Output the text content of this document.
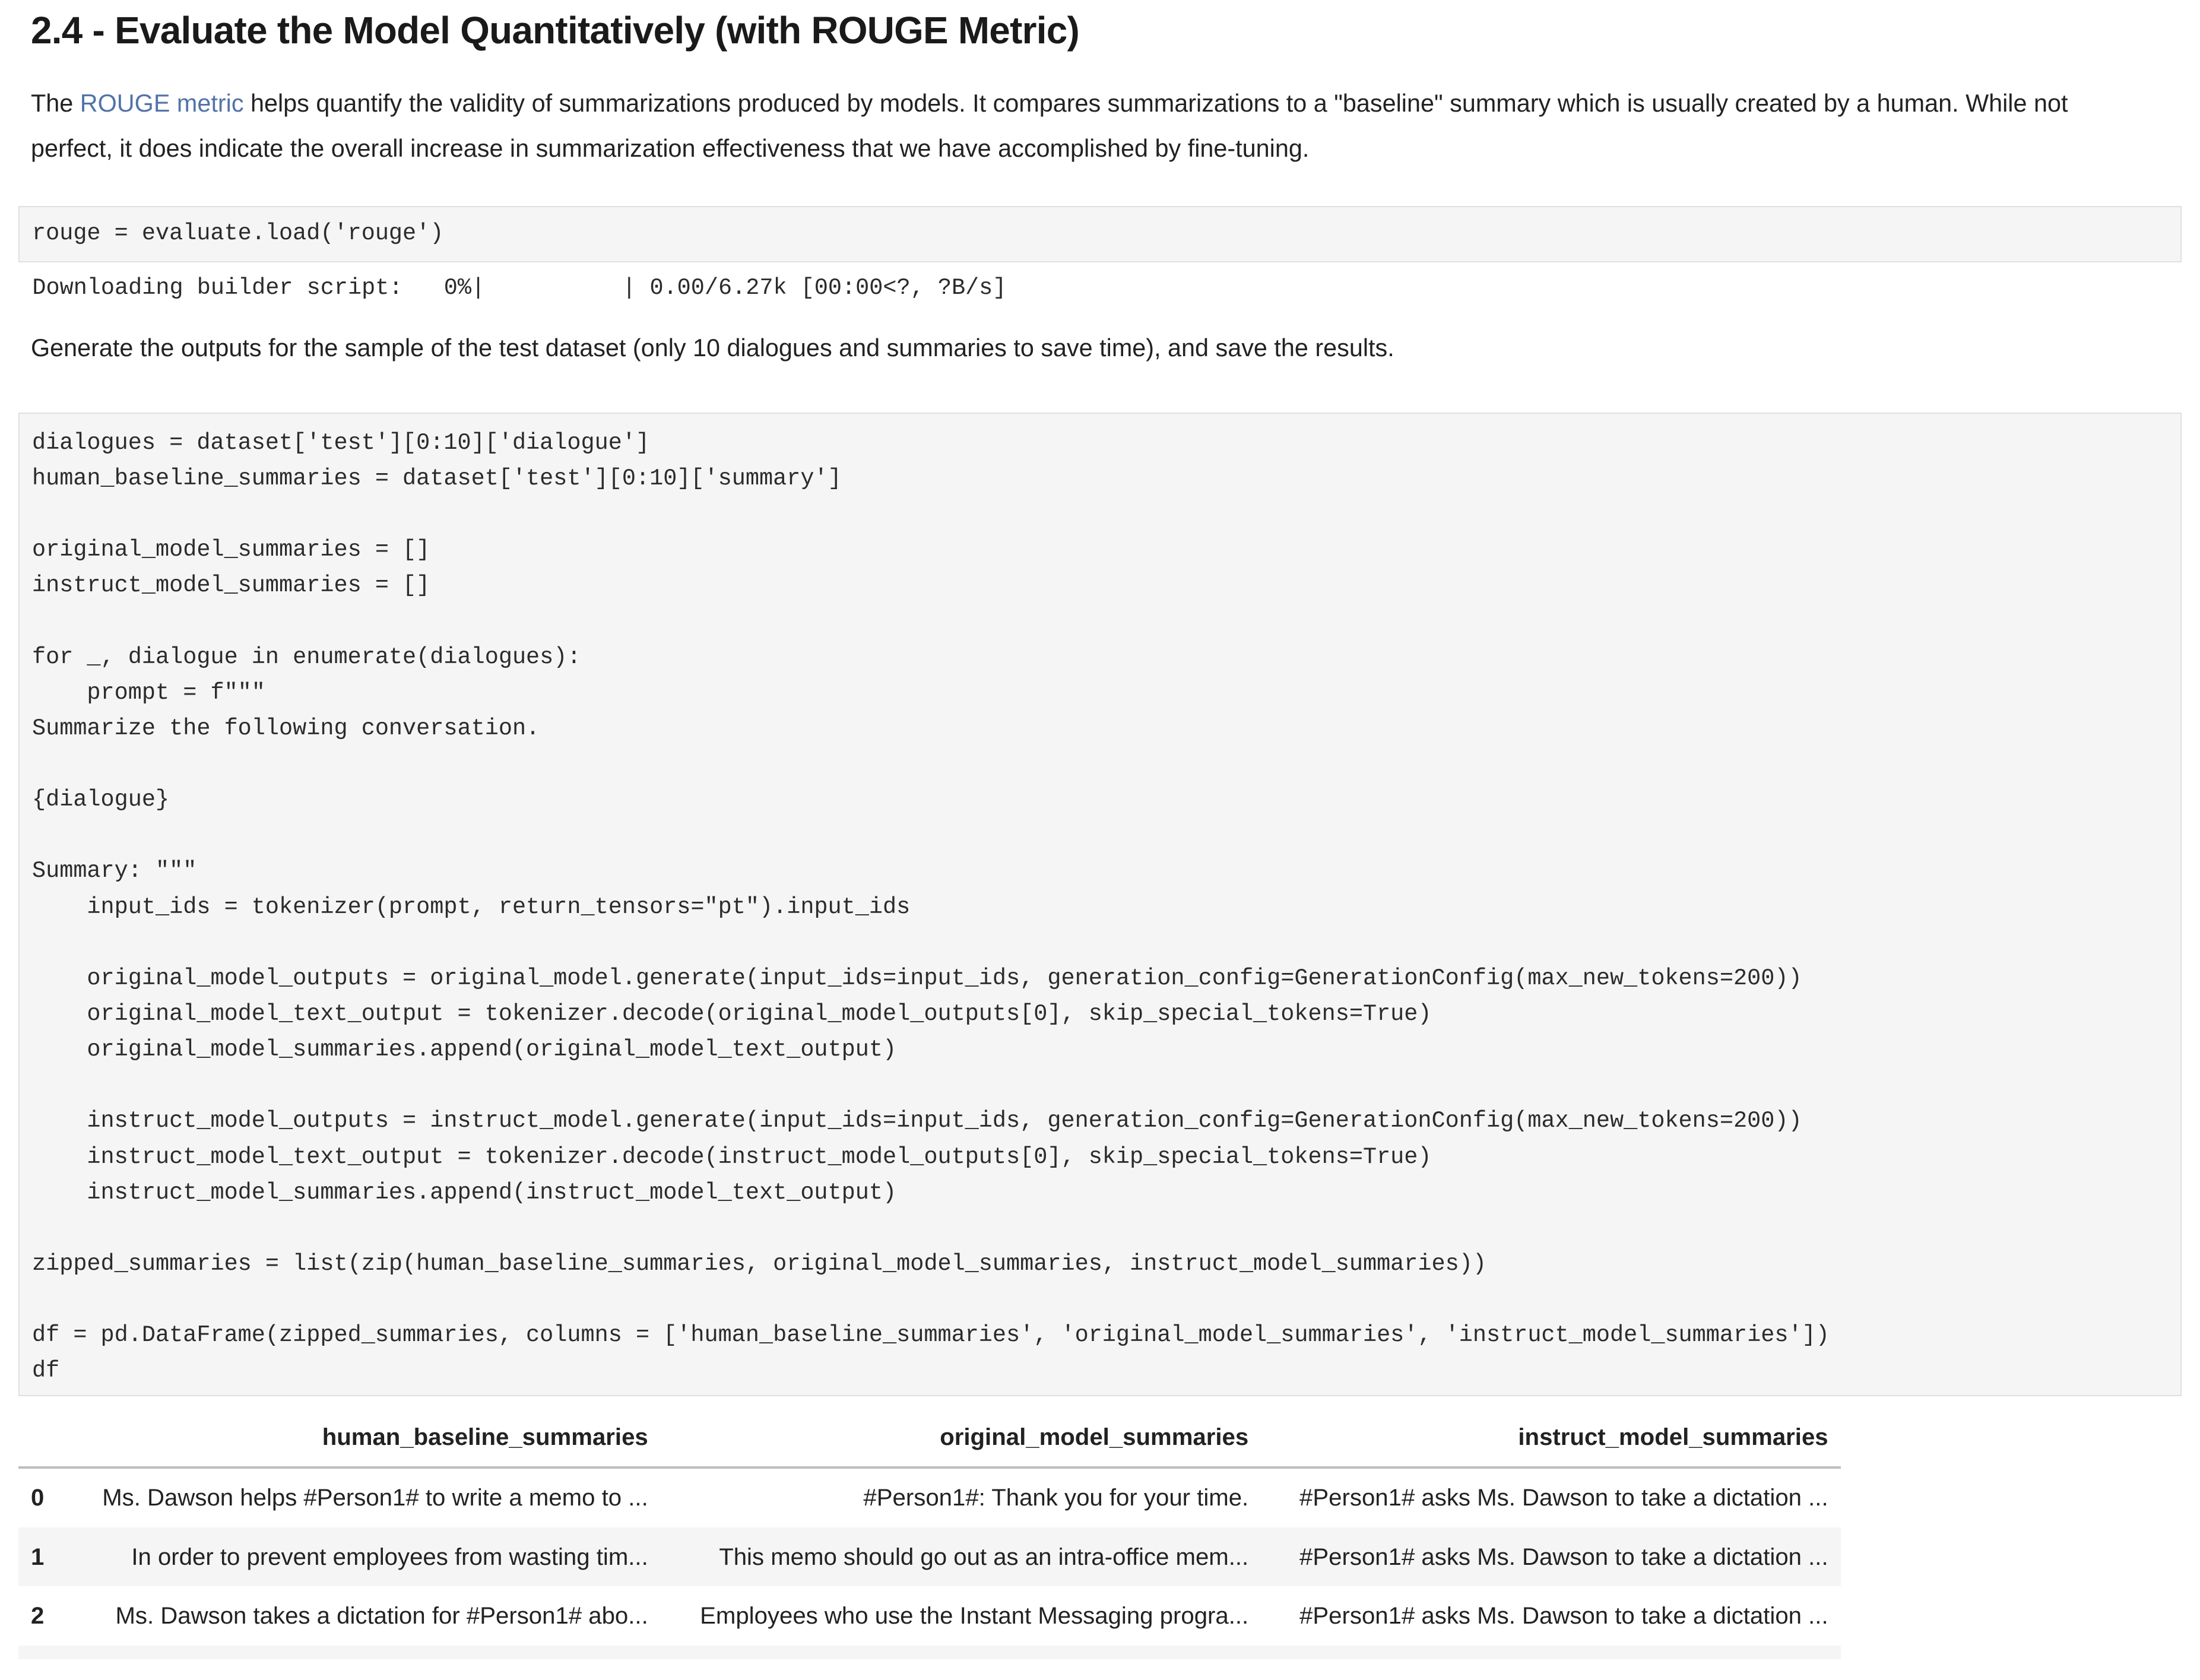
2.4 - Evaluate the Model Quantitatively (with ROUGE Metric)
The ROUGE metric helps quantify the validity of summarizations produced by models. It compares summarizations to a "baseline" summary which is usually created by a human. While not perfect, it does indicate the overall increase in summarization effectiveness that we have accomplished by fine-tuning.
rouge = evaluate.load('rouge')
Downloading builder script:   0%|          | 0.00/6.27k [00:00<?, ?B/s]
Generate the outputs for the sample of the test dataset (only 10 dialogues and summaries to save time), and save the results.
dialogues = dataset['test'][0:10]['dialogue']
human_baseline_summaries = dataset['test'][0:10]['summary']
original_model_summaries = []
instruct_model_summaries = []
for _, dialogue in enumerate(dialogues):
prompt = f"""
Summarize the following conversation.
{dialogue}
Summary: """
input_ids = tokenizer(prompt, return_tensors="pt").input_ids
original_model_outputs = original_model.generate(input_ids=input_ids, generation_config=GenerationConfig(max_new_tokens=200))
original_model_text_output = tokenizer.decode(original_model_outputs[0], skip_special_tokens=True)
original_model_summaries.append(original_model_text_output)
instruct_model_outputs = instruct_model.generate(input_ids=input_ids, generation_config=GenerationConfig(max_new_tokens=200))
instruct_model_text_output = tokenizer.decode(instruct_model_outputs[0], skip_special_tokens=True)
instruct_model_summaries.append(instruct_model_text_output)
zipped_summaries = list(zip(human_baseline_summaries, original_model_summaries, instruct_model_summaries))
df = pd.DataFrame(zipped_summaries, columns = ['human_baseline_summaries', 'original_model_summaries', 'instruct_model_summaries'])
df
	human_baseline_summaries	original_model_summaries	instruct_model_summaries
0	Ms. Dawson helps #Person1# to write a memo to ...	#Person1#: Thank you for your time.	#Person1# asks Ms. Dawson to take a dictation ...
1	In order to prevent employees from wasting tim...	This memo should go out as an intra-office mem...	#Person1# asks Ms. Dawson to take a dictation ...
2	Ms. Dawson takes a dictation for #Person1# abo...	Employees who use the Instant Messaging progra...	#Person1# asks Ms. Dawson to take a dictation ...
